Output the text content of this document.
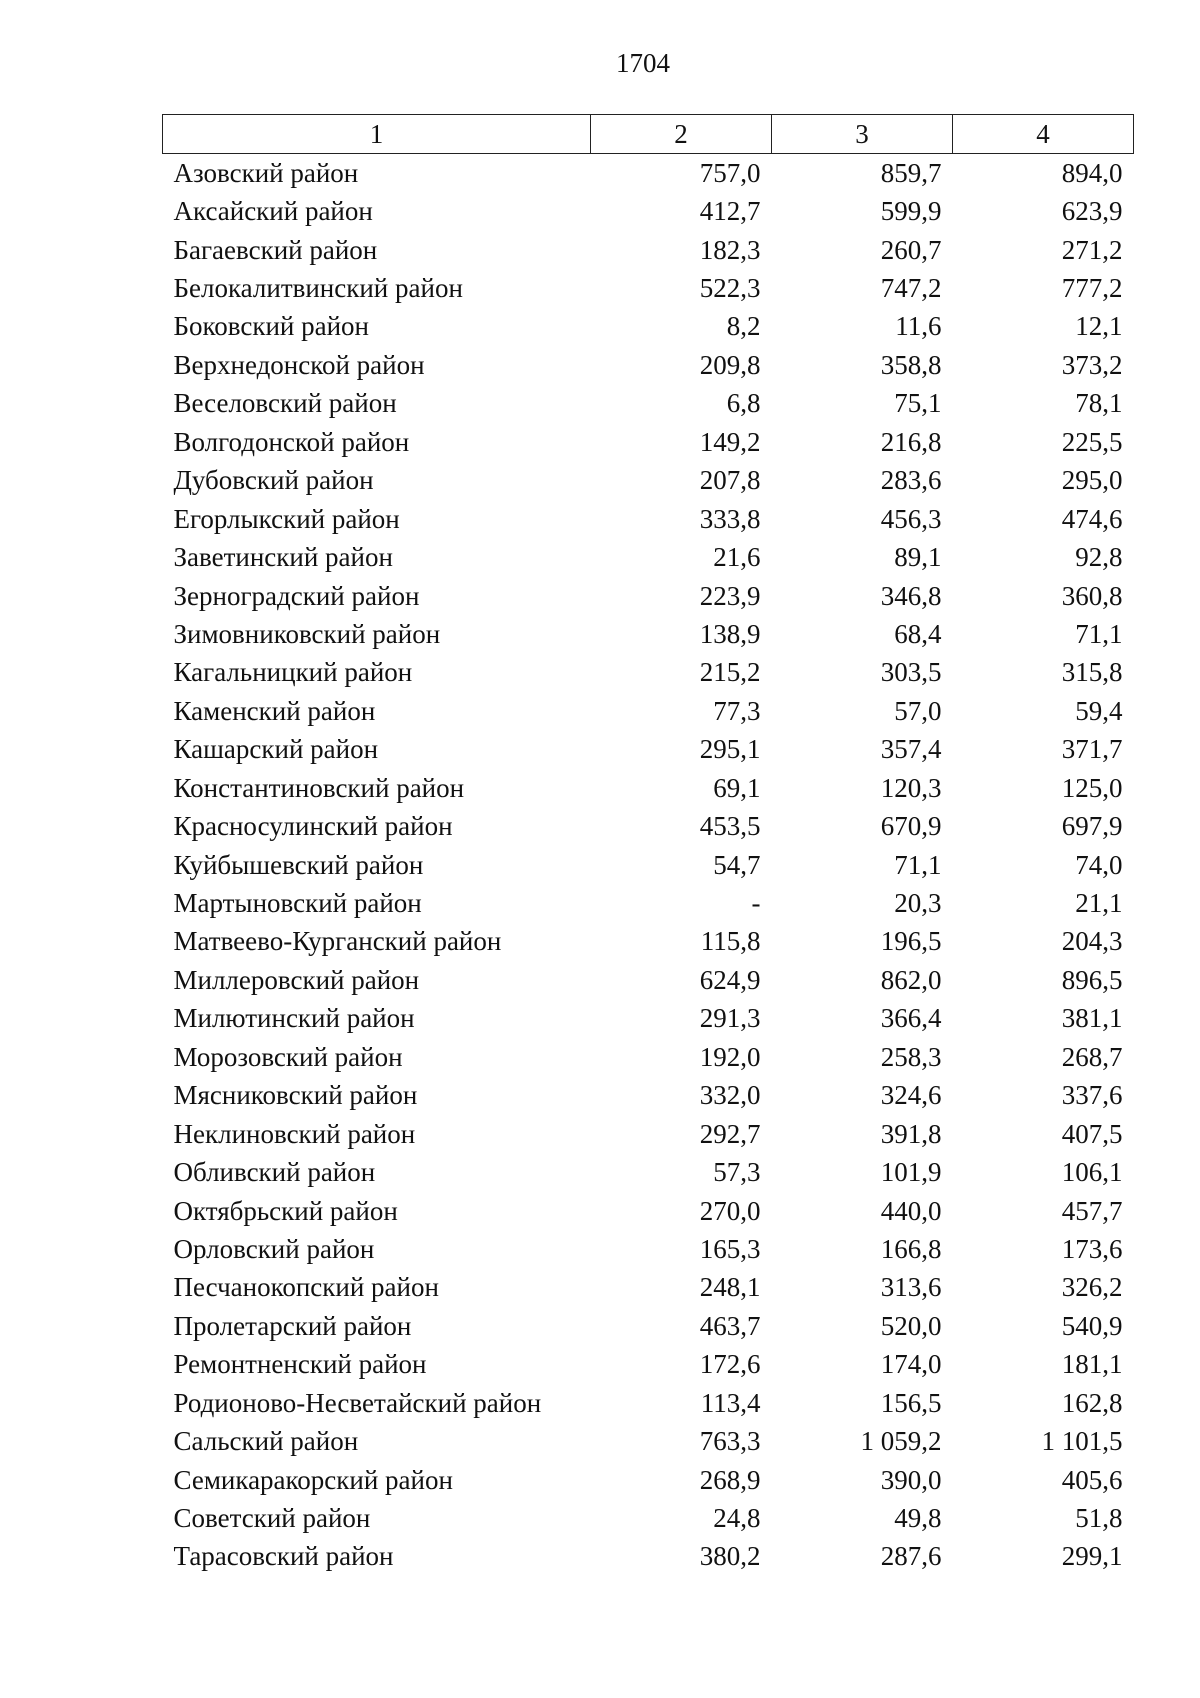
1704
1	2	3	4
Азовский район	757,0	859,7	894,0
Аксайский район	412,7	599,9	623,9
Багаевский район	182,3	260,7	271,2
Белокалитвинский район	522,3	747,2	777,2
Боковский район	8,2	11,6	12,1
Верхнедонской район	209,8	358,8	373,2
Веселовский район	6,8	75,1	78,1
Волгодонской район	149,2	216,8	225,5
Дубовский район	207,8	283,6	295,0
Егорлыкский район	333,8	456,3	474,6
Заветинский район	21,6	89,1	92,8
Зерноградский район	223,9	346,8	360,8
Зимовниковский район	138,9	68,4	71,1
Кагальницкий район	215,2	303,5	315,8
Каменский район	77,3	57,0	59,4
Кашарский район	295,1	357,4	371,7
Константиновский район	69,1	120,3	125,0
Красносулинский район	453,5	670,9	697,9
Куйбышевский район	54,7	71,1	74,0
Мартыновский район	-	20,3	21,1
Матвеево-Курганский район	115,8	196,5	204,3
Миллеровский район	624,9	862,0	896,5
Милютинский район	291,3	366,4	381,1
Морозовский район	192,0	258,3	268,7
Мясниковский район	332,0	324,6	337,6
Неклиновский район	292,7	391,8	407,5
Обливский район	57,3	101,9	106,1
Октябрьский район	270,0	440,0	457,7
Орловский район	165,3	166,8	173,6
Песчанокопский район	248,1	313,6	326,2
Пролетарский район	463,7	520,0	540,9
Ремонтненский район	172,6	174,0	181,1
Родионово-Несветайский район	113,4	156,5	162,8
Сальский район	763,3	1 059,2	1 101,5
Семикаракорский район	268,9	390,0	405,6
Советский район	24,8	49,8	51,8
Тарасовский район	380,2	287,6	299,1
